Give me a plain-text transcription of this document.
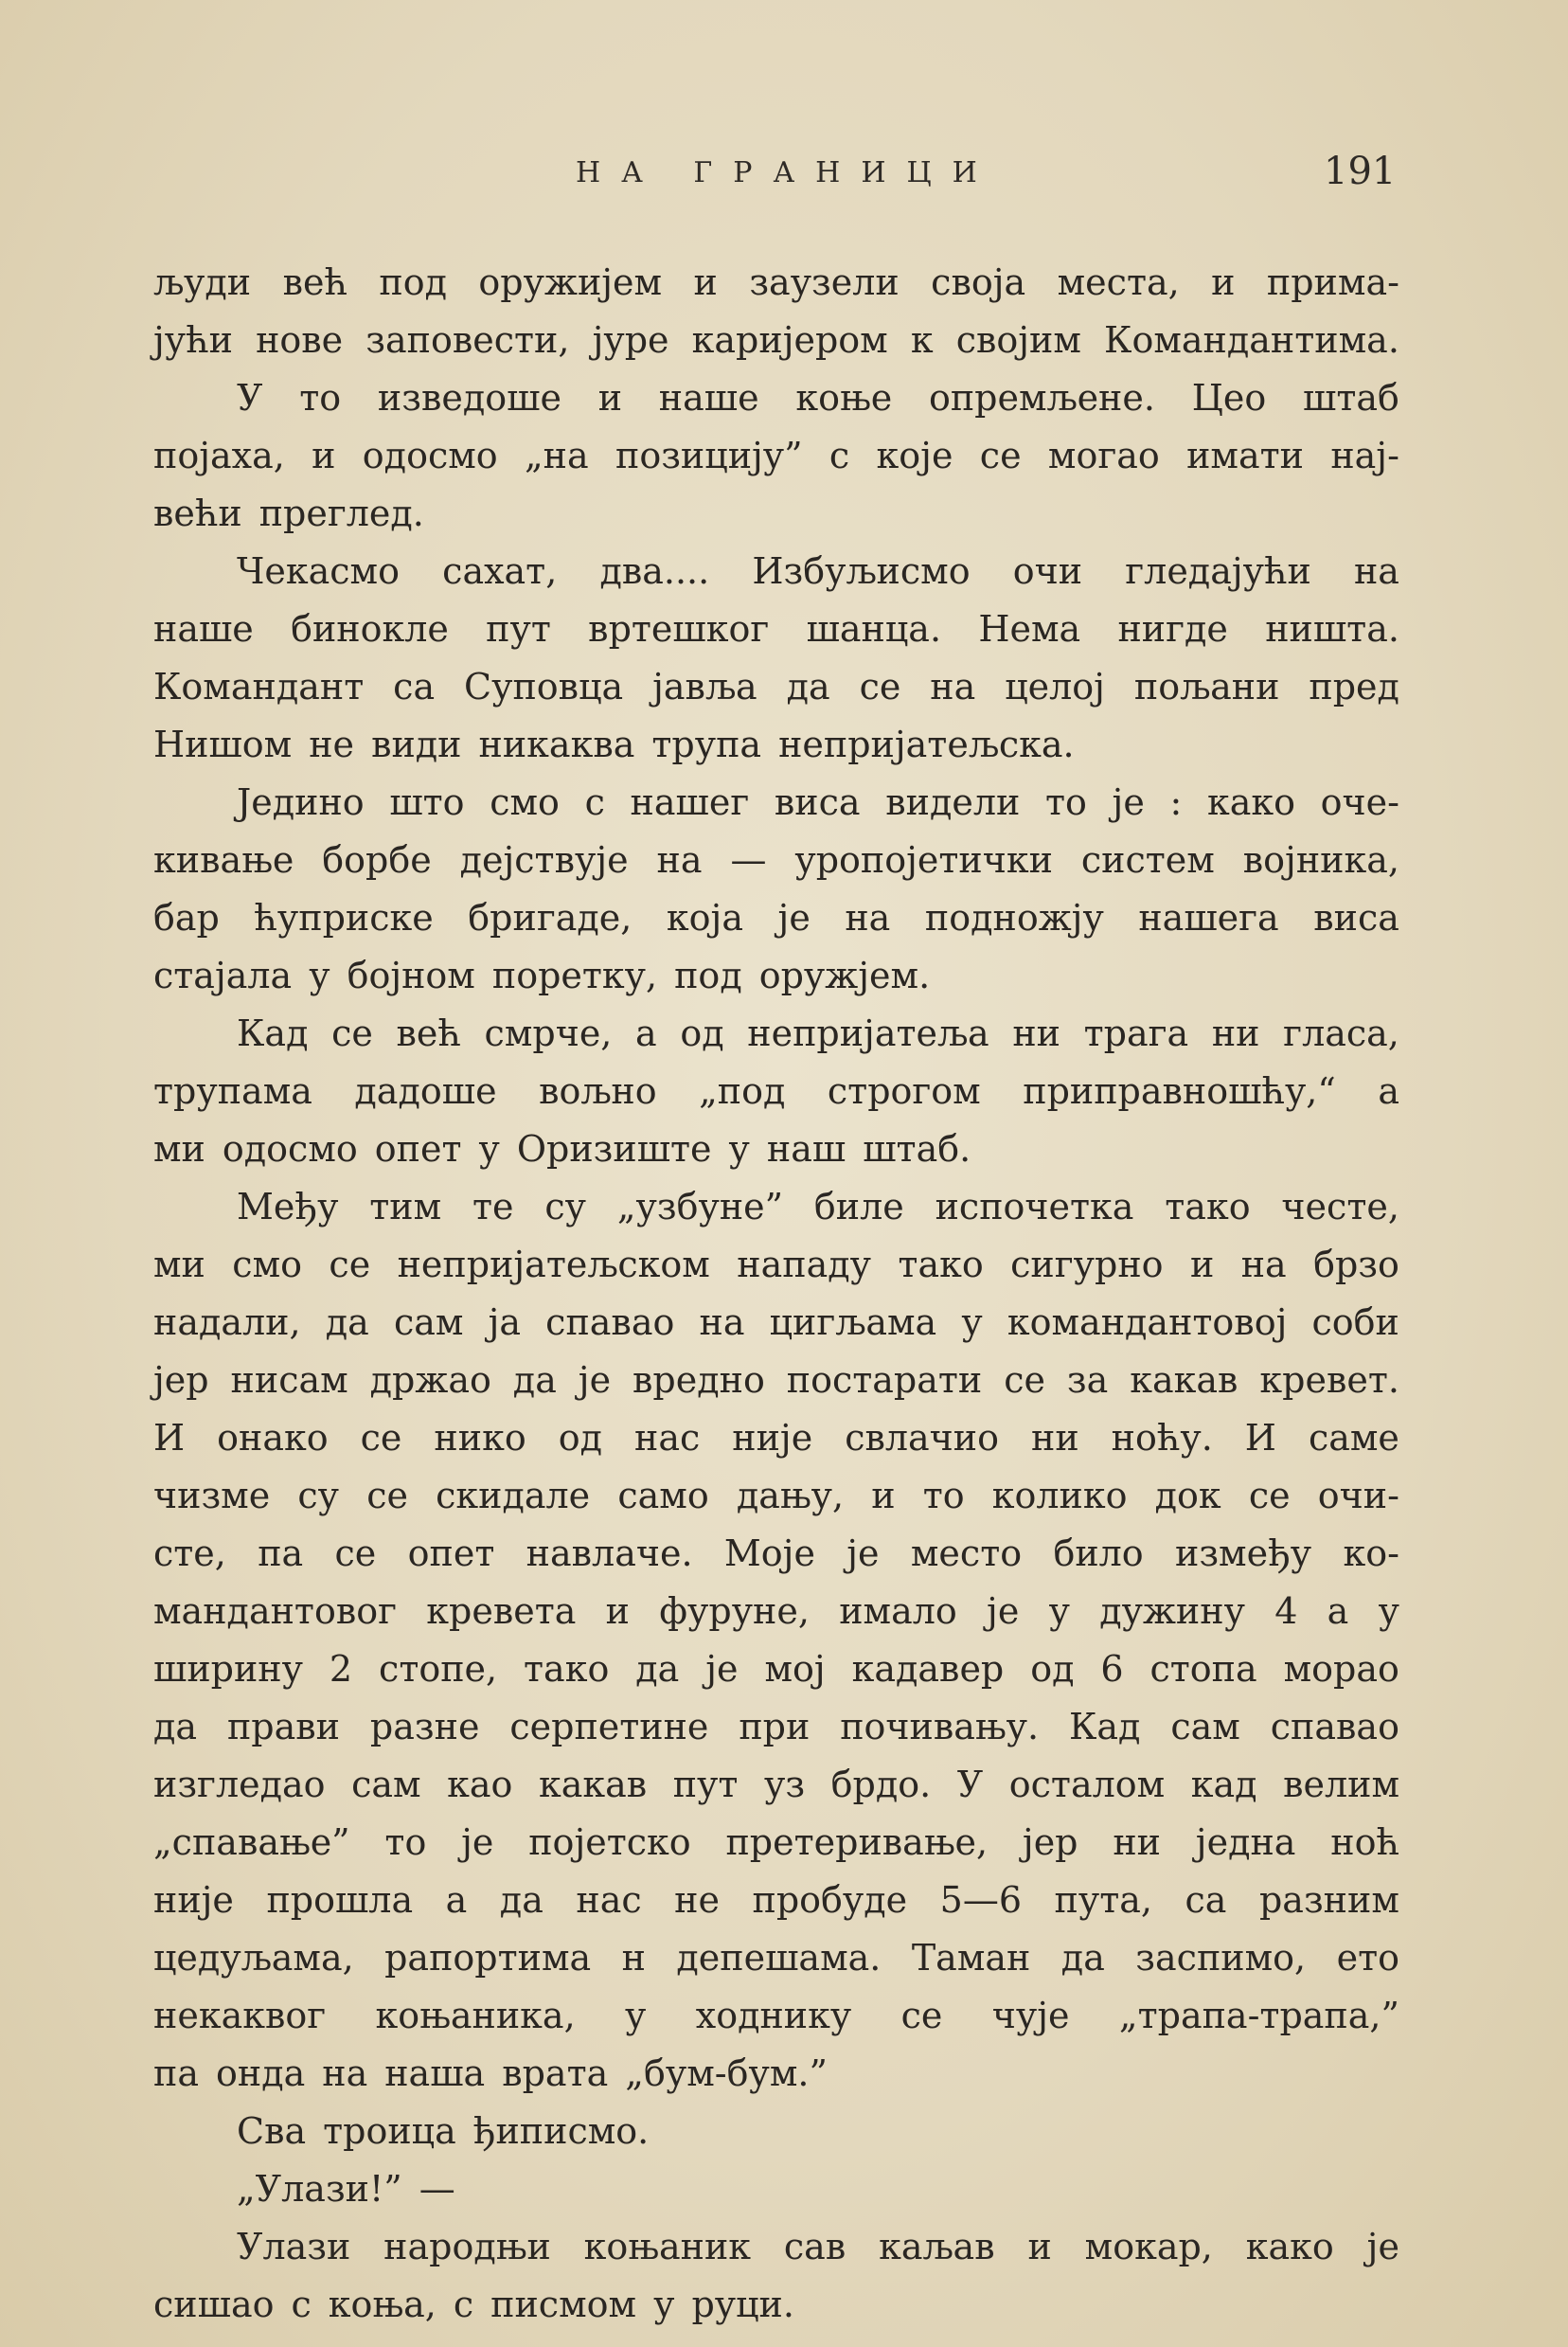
НА ГРАНИЦИ	191
људи већ под оружијем и заузели своја места, и прима-
јући нове заповести, јуре каријером к својим Командантима.
У то изведоше и наше коње опремљене. Цео штаб
појаха, и одосмо „на позицију” с које се могао имати нај-
већи преглед.
Чекасмо сахат, два.... Избуљисмо очи гледајући на
наше бинокле пут вртешког шанца. Нема нигде ништа.
Командант са Суповца јавља да се на целој пољани пред
Нишом не види никаква трупа непријатељска.
Једино што смо с нашег виса видели то је : како оче-
кивање борбе дејствује на — уропојетички систем војника,
бар ћуприске бригаде, која је на подножју нашега виса
стајала у бојном поретку, под оружјем.
Кад се већ смрче, а од непријатеља ни трага ни гласа,
трупама дадоше вољно „под строгом приправношћу,“ а
ми одосмо опет у Оризиште у наш штаб.
Међу тим те су „узбуне” биле испочетка тако честе,
ми смо се непријатељском нападу тако сигурно и на брзо
надали, да сам ја спавао на цигљама у командантовој соби
јер нисам држао да је вредно постарати се за какав кревет.
И онако се нико од нас није свлачио ни ноћу. И саме
чизме су се скидале само дању, и то колико док се очи-
сте, па се опет навлаче. Моје је место било између ко-
мандантовог кревета и фуруне, имало је у дужину 4 а у
ширину 2 стопе, тако да је мој кадавер од 6 стопа морао
да прави разне серпетине при почивању. Кад сам спавао
изгледао сам као какав пут уз брдо. У осталом кад велим
„спавање” то је појетско претеривање, јер ни једна ноћ
није прошла а да нас не пробуде 5—6 пута, са разним
цедуљама, рапортима н депешама. Таман да заспимо, ето
некаквог коњаника, у ходнику се чује „трапа-трапа,”
па онда на наша врата „бум-бум.”
Сва троица ђиписмо.
„Улази!” —
Улази народњи коњаник сав каљав и мокар, како је
сишао с коња, с писмом у руци.
